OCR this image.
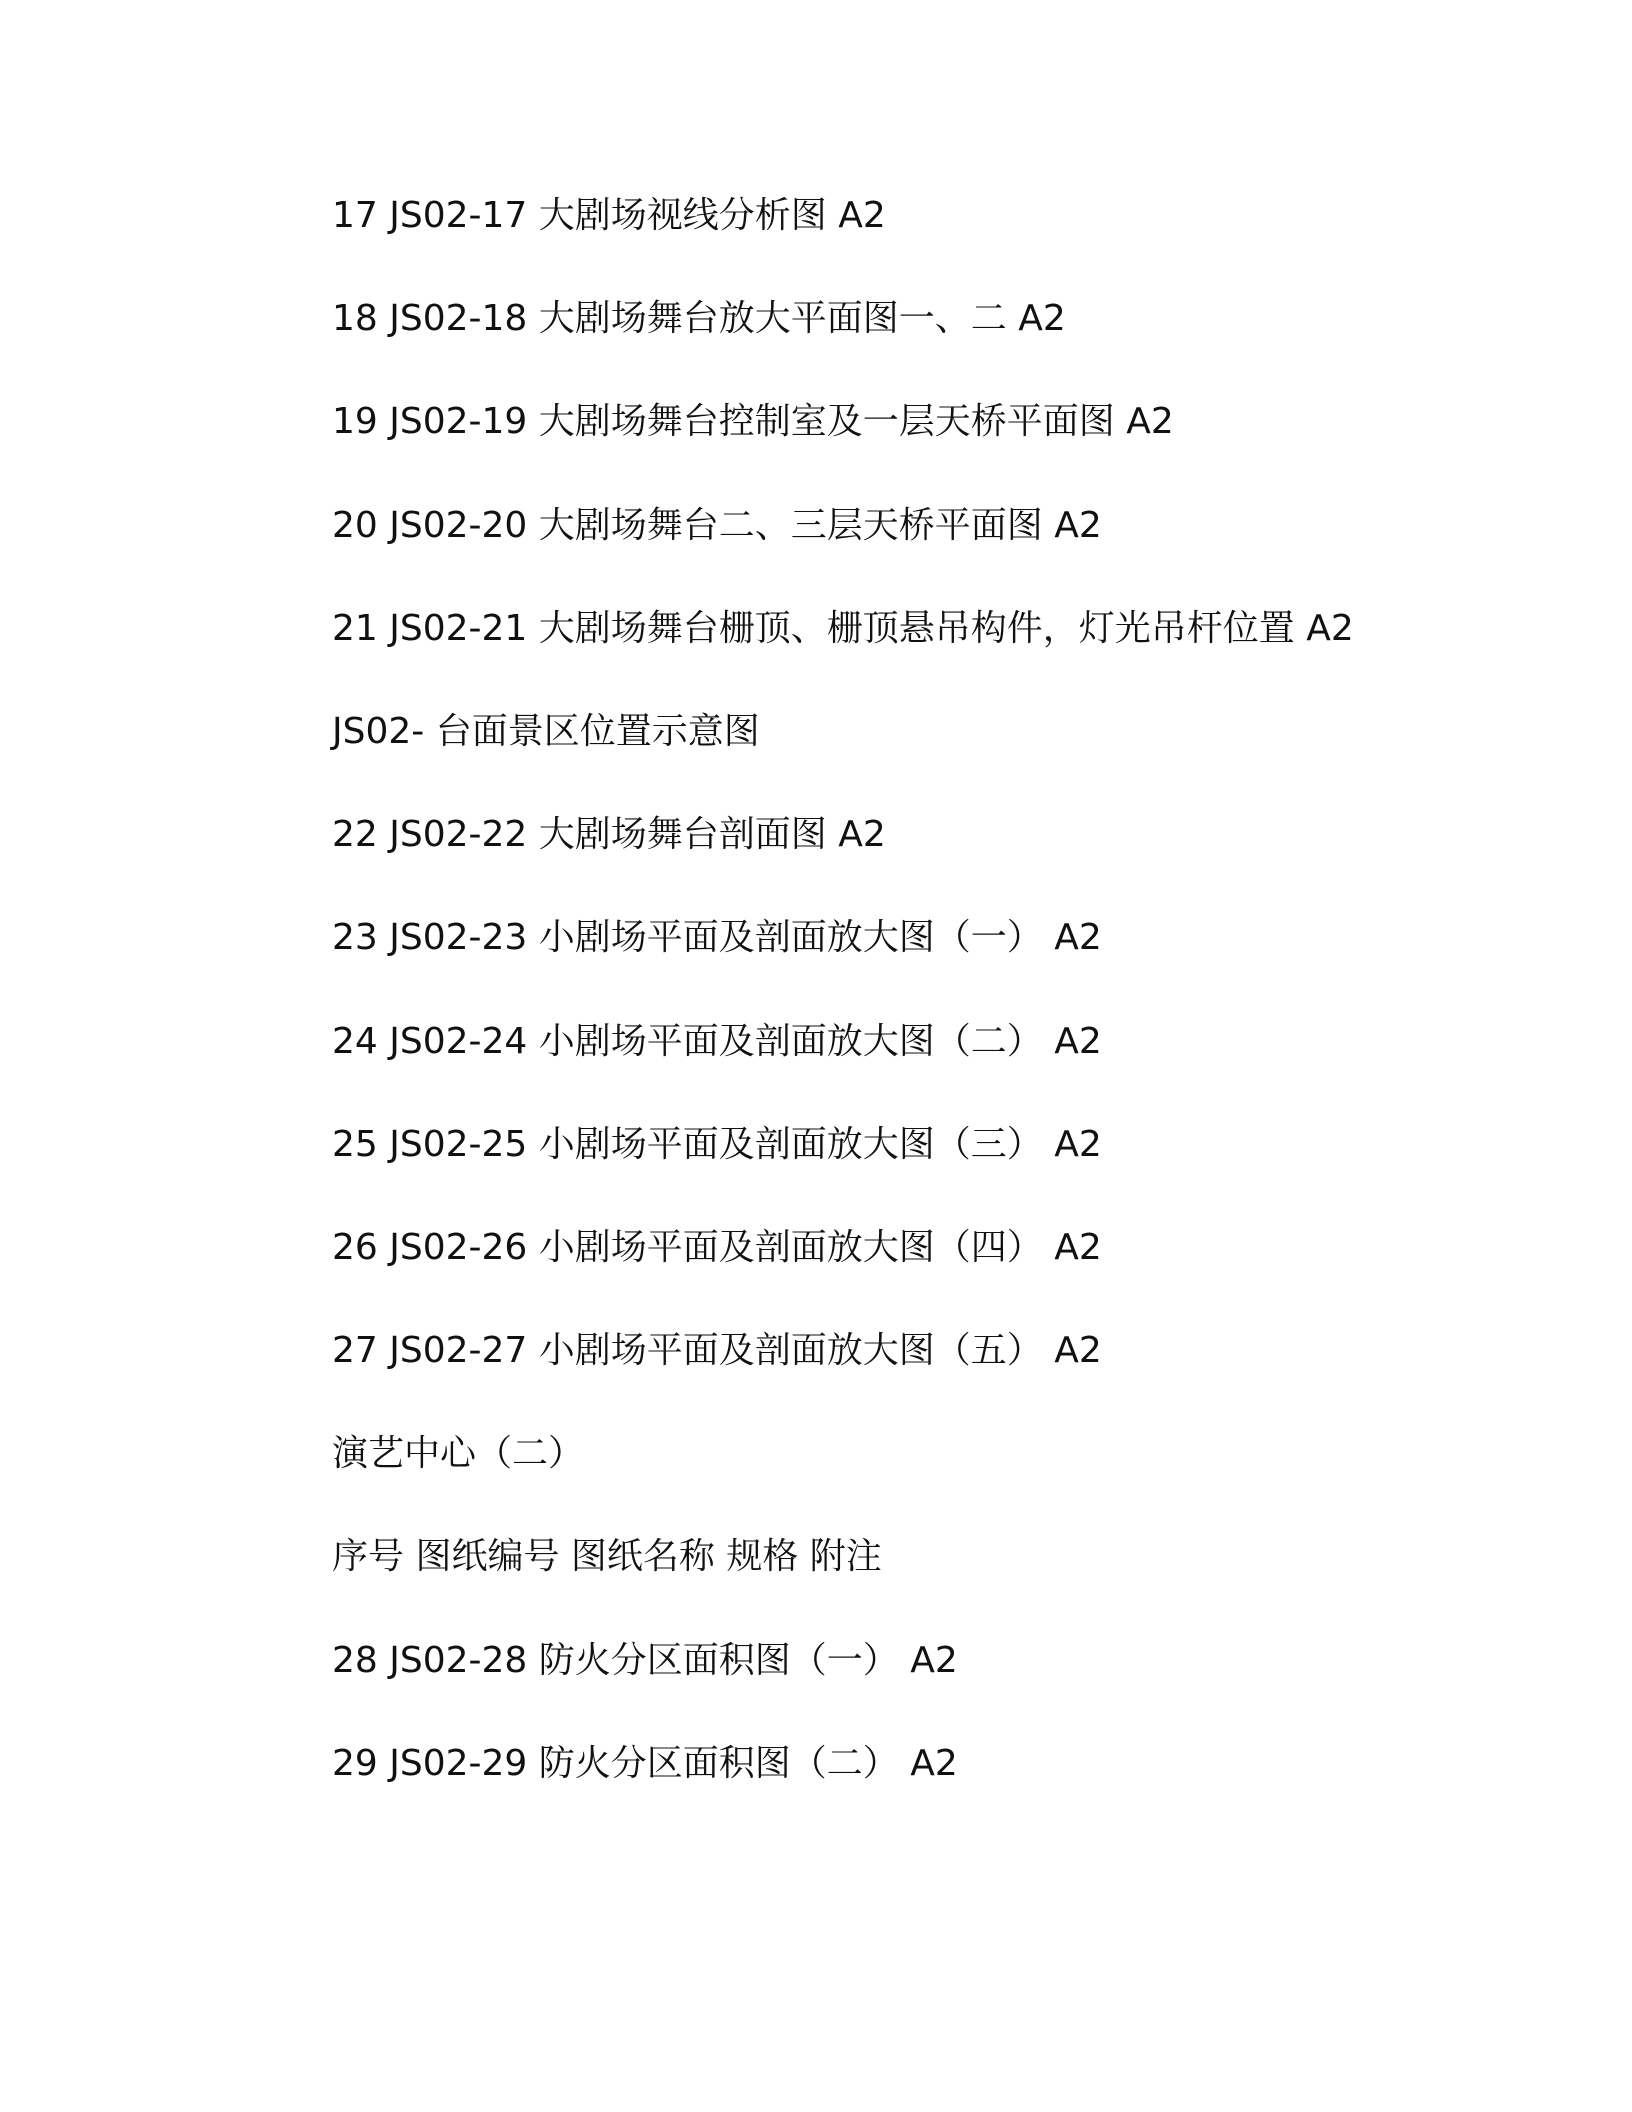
17 JS02-17 大剧场视线分析图 A2
18 JS02-18 大剧场舞台放大平面图一、二 A2
19 JS02-19 大剧场舞台控制室及一层天桥平面图 A2
20 JS02-20 大剧场舞台二、三层天桥平面图 A2
21 JS02-21 大剧场舞台栅顶、栅顶悬吊构件，灯光吊杆位置 A2
JS02- 台面景区位置示意图
22 JS02-22 大剧场舞台剖面图 A2
23 JS02-23 小剧场平面及剖面放大图（一） A2
24 JS02-24 小剧场平面及剖面放大图（二） A2
25 JS02-25 小剧场平面及剖面放大图（三） A2
26 JS02-26 小剧场平面及剖面放大图（四） A2
27 JS02-27 小剧场平面及剖面放大图（五） A2
演艺中心（二）
序号 图纸编号 图纸名称 规格 附注
28 JS02-28 防火分区面积图（一） A2
29 JS02-29 防火分区面积图（二） A2
